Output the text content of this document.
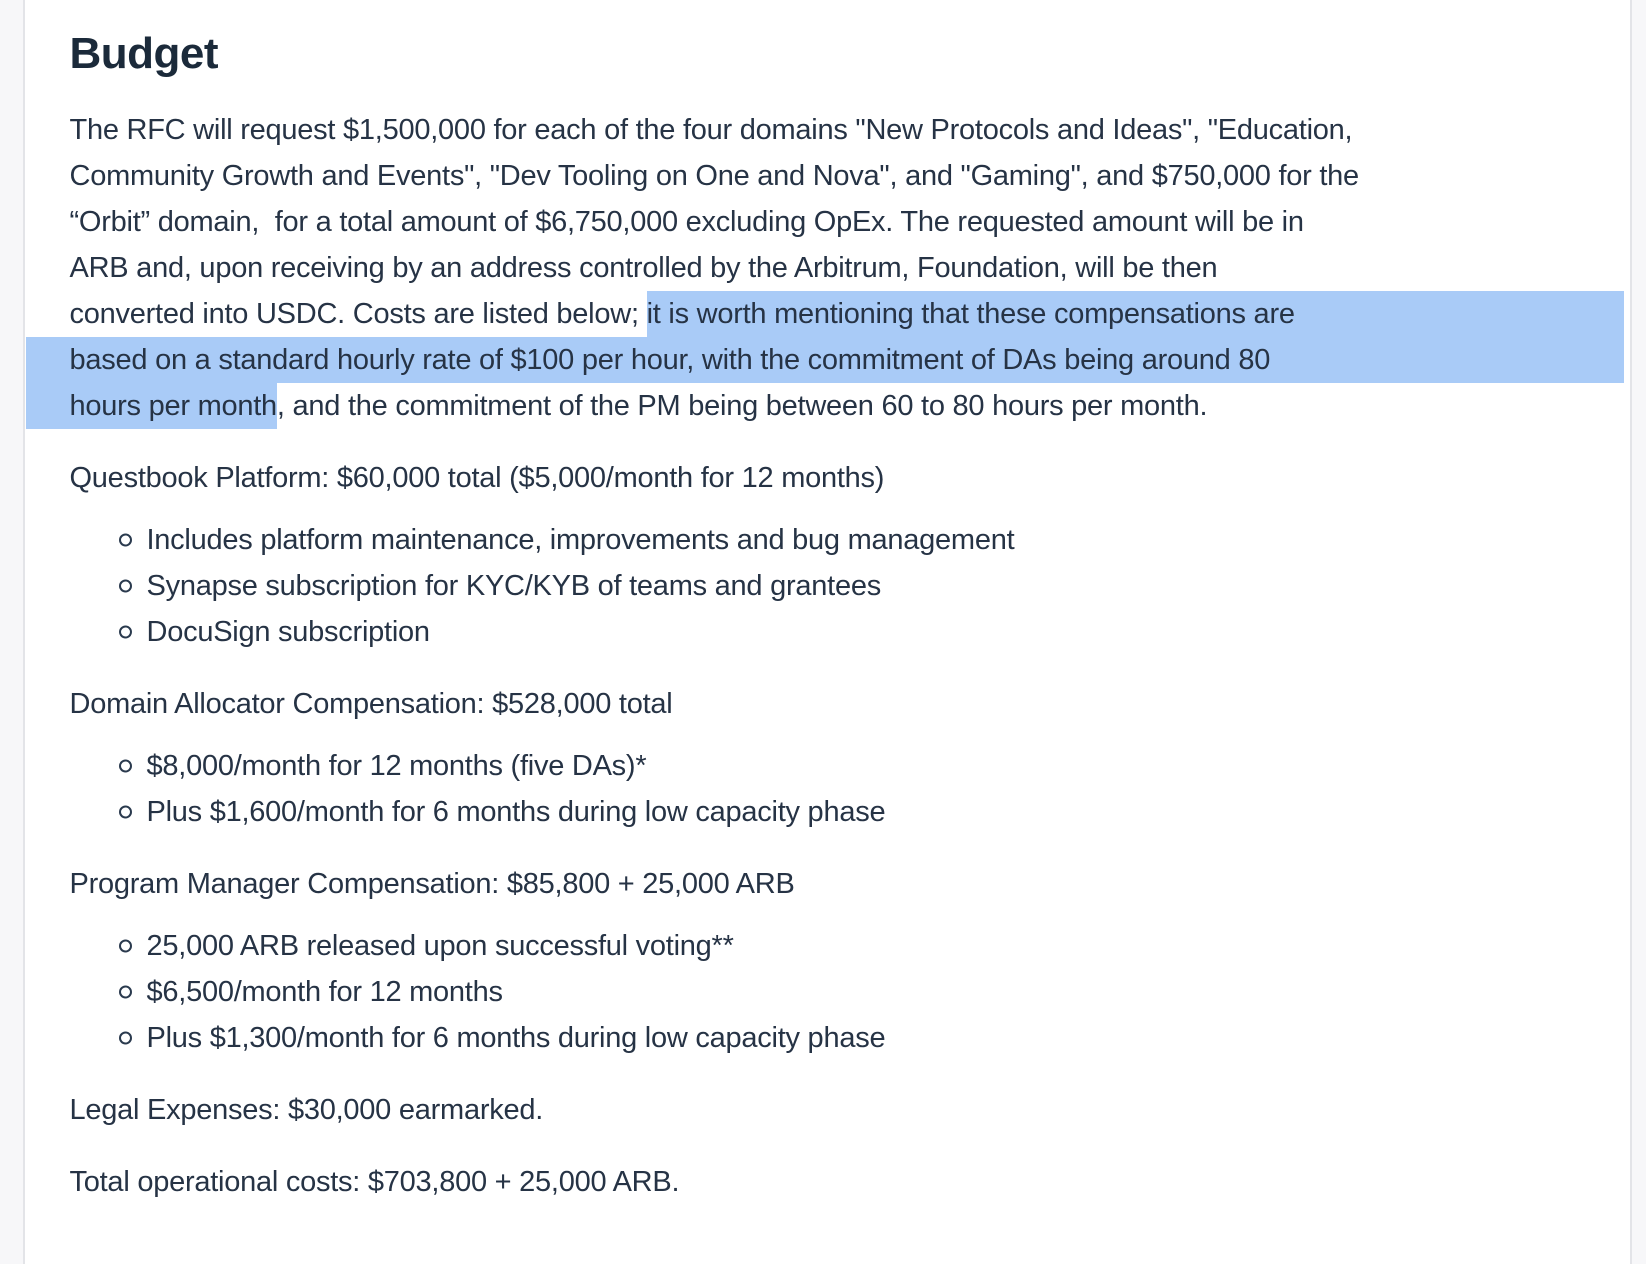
Budget
The RFC will request $1,500,000 for each of the four domains "New Protocols and Ideas", "Education,
Community Growth and Events", "Dev Tooling on One and Nova", and "Gaming", and $750,000 for the
“Orbit” domain,  for a total amount of $6,750,000 excluding OpEx. The requested amount will be in
ARB and, upon receiving by an address controlled by the Arbitrum, Foundation, will be then
converted into USDC. Costs are listed below; it is worth mentioning that these compensations are
based on a standard hourly rate of $100 per hour, with the commitment of DAs being around 80
hours per month , and the commitment of the PM being between 60 to 80 hours per month.

Questbook Platform: $60,000 total ($5,000/month for 12 months)

Includes platform maintenance, improvements and bug management
Synapse subscription for KYC/KYB of teams and grantees
DocuSign subscription

Domain Allocator Compensation: $528,000 total

$8,000/month for 12 months (five DAs)*
Plus $1,600/month for 6 months during low capacity phase

Program Manager Compensation: $85,800 + 25,000 ARB

25,000 ARB released upon successful voting**
$6,500/month for 12 months
Plus $1,300/month for 6 months during low capacity phase

Legal Expenses: $30,000 earmarked.

Total operational costs: $703,800 + 25,000 ARB.
